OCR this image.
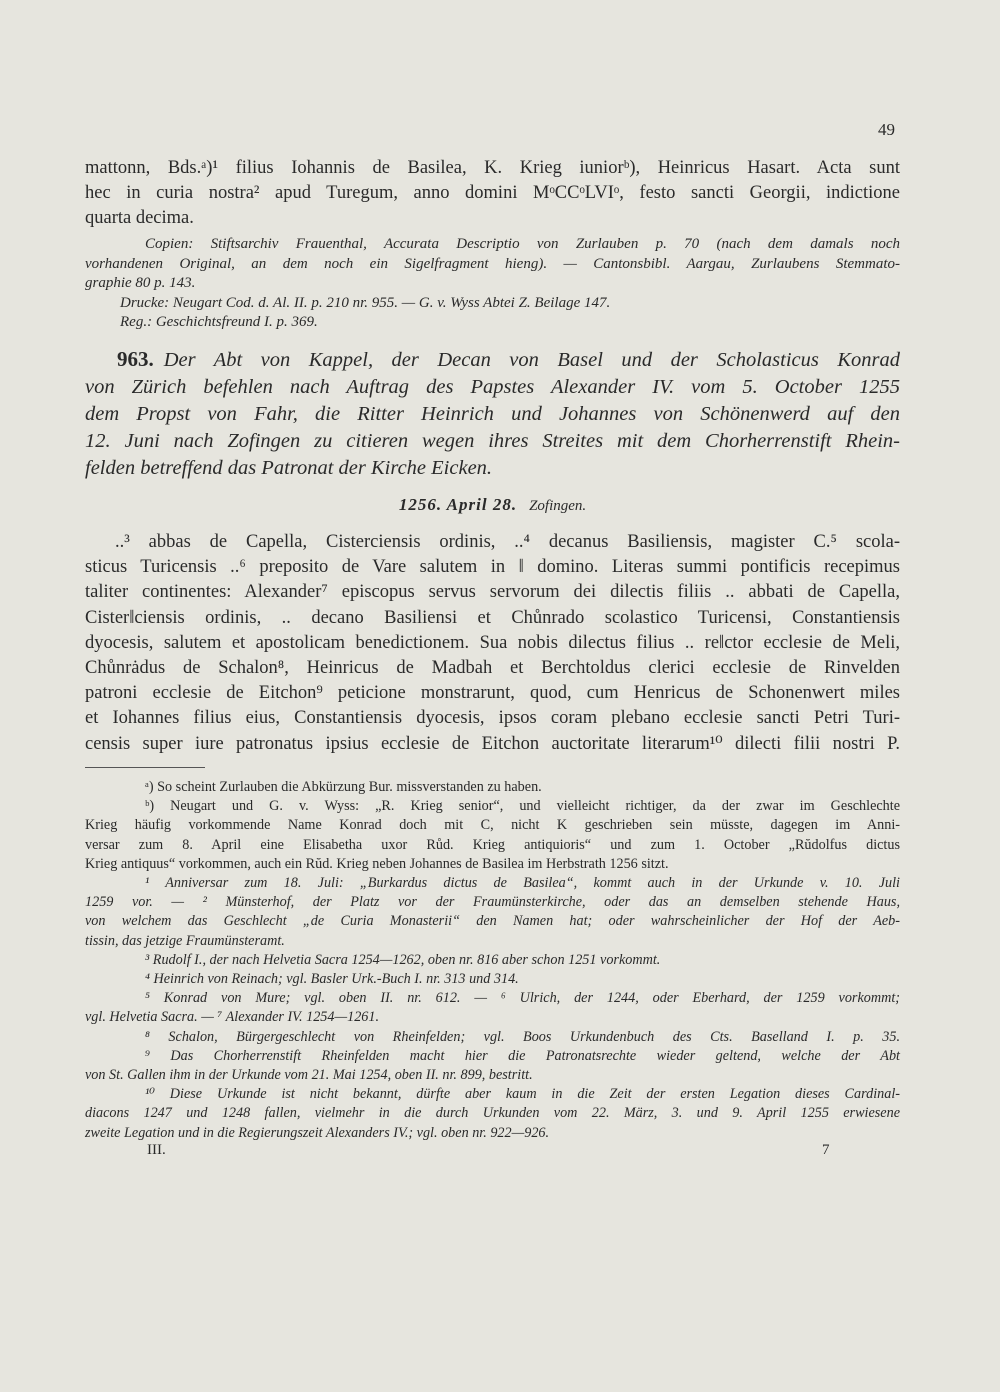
49
mattonn, Bds.ᵃ)¹ filius Iohannis de Basilea, K. Krieg iuniorᵇ), Heinricus Hasart. Acta sunt
hec in curia nostra² apud Turegum, anno domini MᵒCCᵒLVIᵒ, festo sancti Georgii, indictione
quarta decima.
Copien: Stiftsarchiv Frauenthal, Accurata Descriptio von Zurlauben p. 70 (nach dem damals noch
vorhandenen Original, an dem noch ein Sigelfragment hieng). — Cantonsbibl. Aargau, Zurlaubens Stemmato-
graphie 80 p. 143.
Drucke: Neugart Cod. d. Al. II. p. 210 nr. 955. — G. v. Wyss Abtei Z. Beilage 147.
Reg.: Geschichtsfreund I. p. 369.
963. Der Abt von Kappel, der Decan von Basel und der Scholasticus Konrad
von Zürich befehlen nach Auftrag des Papstes Alexander IV. vom 5. October 1255
dem Propst von Fahr, die Ritter Heinrich und Johannes von Schönenwerd auf den
12. Juni nach Zofingen zu citieren wegen ihres Streites mit dem Chorherrenstift Rhein-
felden betreffend das Patronat der Kirche Eicken.
1256. April 28. Zofingen.
..³ abbas de Capella, Cisterciensis ordinis, ..⁴ decanus Basiliensis, magister C.⁵ scola-
sticus Turicensis ..⁶ preposito de Vare salutem in ‖ domino. Literas summi pontificis recepimus
taliter continentes: Alexander⁷ episcopus servus servorum dei dilectis filiis .. abbati de Capella,
Cister‖ciensis ordinis, .. decano Basiliensi et Chůnrado scolastico Turicensi, Constantiensis
dyocesis, salutem et apostolicam benedictionem. Sua nobis dilectus filius .. re‖ctor ecclesie de Meli,
Chůnrȧdus de Schalon⁸, Heinricus de Madbah et Berchtoldus clerici ecclesie de Rinvelden
patroni ecclesie de Eitchon⁹ peticione monstrarunt, quod, cum Henricus de Schonenwert miles
et Iohannes filius eius, Constantiensis dyocesis, ipsos coram plebano ecclesie sancti Petri Turi-
censis super iure patronatus ipsius ecclesie de Eitchon auctoritate literarum¹⁰ dilecti filii nostri P.
ᵃ) So scheint Zurlauben die Abkürzung Bur. missverstanden zu haben.
ᵇ) Neugart und G. v. Wyss: „R. Krieg senior“, und vielleicht richtiger, da der zwar im Geschlechte
Krieg häufig vorkommende Name Konrad doch mit C, nicht K geschrieben sein müsste, dagegen im Anni-
versar zum 8. April eine Elisabetha uxor Růd. Krieg antiquioris“ und zum 1. October „Rŭdolfus dictus
Krieg antiquus“ vorkommen, auch ein Rŭd. Krieg neben Johannes de Basilea im Herbstrath 1256 sitzt.
¹ Anniversar zum 18. Juli: „Burkardus dictus de Basilea“, kommt auch in der Urkunde v. 10. Juli
1259 vor. — ² Münsterhof, der Platz vor der Fraumünsterkirche, oder das an demselben stehende Haus,
von welchem das Geschlecht „de Curia Monasterii“ den Namen hat; oder wahrscheinlicher der Hof der Aeb-
tissin, das jetzige Fraumünsteramt.
³ Rudolf I., der nach Helvetia Sacra 1254—1262, oben nr. 816 aber schon 1251 vorkommt.
⁴ Heinrich von Reinach; vgl. Basler Urk.-Buch I. nr. 313 und 314.
⁵ Konrad von Mure; vgl. oben II. nr. 612. — ⁶ Ulrich, der 1244, oder Eberhard, der 1259 vorkommt;
vgl. Helvetia Sacra. — ⁷ Alexander IV. 1254—1261.
⁸ Schalon, Bürgergeschlecht von Rheinfelden; vgl. Boos Urkundenbuch des Cts. Baselland I. p. 35.
⁹ Das Chorherrenstift Rheinfelden macht hier die Patronatsrechte wieder geltend, welche der Abt
von St. Gallen ihm in der Urkunde vom 21. Mai 1254, oben II. nr. 899, bestritt.
¹⁰ Diese Urkunde ist nicht bekannt, dürfte aber kaum in die Zeit der ersten Legation dieses Cardinal-
diacons 1247 und 1248 fallen, vielmehr in die durch Urkunden vom 22. März, 3. und 9. April 1255 erwiesene
zweite Legation und in die Regierungszeit Alexanders IV.; vgl. oben nr. 922—926.
III.	7
